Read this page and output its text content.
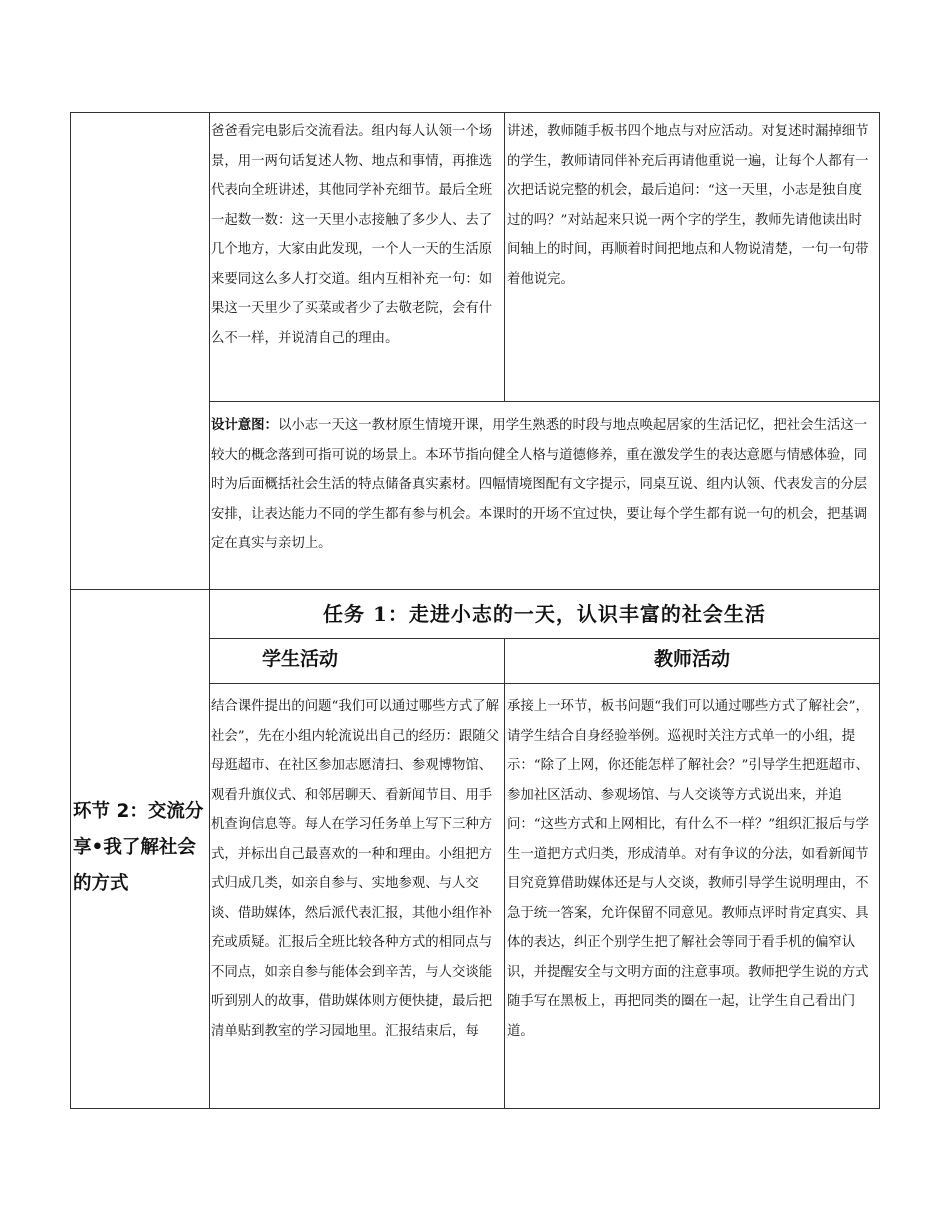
爸爸看完电影后交流看法。组内每人认领一个场景，用一两句话复述人物、地点和事情，再推选代表向全班讲述，其他同学补充细节。最后全班一起数一数：这一天里小志接触了多少人、去了几个地方，大家由此发现，一个人一天的生活原来要同这么多人打交道。组内互相补充一句：如果这一天里少了买菜或者少了去敬老院，会有什么不一样，并说清自己的理由。

讲述，教师随手板书四个地点与对应活动。对复述时漏掉细节的学生，教师请同伴补充后再请他重说一遍，让每个人都有一次把话说完整的机会，最后追问：“这一天里，小志是独自度过的吗？”对站起来只说一两个字的学生，教师先请他读出时间轴上的时间，再顺着时间把地点和人物说清楚，一句一句带着他说完。

设计意图：以小志一天这一教材原生情境开课，用学生熟悉的时段与地点唤起居家的生活记忆，把社会生活这一较大的概念落到可指可说的场景上。本环节指向健全人格与道德修养，重在激发学生的表达意愿与情感体验，同时为后面概括社会生活的特点储备真实素材。四幅情境图配有文字提示，同桌互说、组内认领、代表发言的分层安排，让表达能力不同的学生都有参与机会。本课时的开场不宜过快，要让每个学生都有说一句的机会，把基调定在真实与亲切上。

环节 2：交流分享•我了解社会的方式
任务 1：走进小志的一天，认识丰富的社会生活
学生活动	教师活动

结合课件提出的问题“我们可以通过哪些方式了解社会”，先在小组内轮流说出自己的经历：跟随父母逛超市、在社区参加志愿清扫、参观博物馆、观看升旗仪式、和邻居聊天、看新闻节目、用手机查询信息等。每人在学习任务单上写下三种方式，并标出自己最喜欢的一种和理由。小组把方式归成几类，如亲自参与、实地参观、与人交谈、借助媒体，然后派代表汇报，其他小组作补充或质疑。汇报后全班比较各种方式的相同点与不同点，如亲自参与能体会到辛苦，与人交谈能听到别人的故事，借助媒体则方便快捷，最后把清单贴到教室的学习园地里。汇报结束后，每

承接上一环节，板书问题“我们可以通过哪些方式了解社会”，请学生结合自身经验举例。巡视时关注方式单一的小组，提示：“除了上网，你还能怎样了解社会？”引导学生把逛超市、参加社区活动、参观场馆、与人交谈等方式说出来，并追问：“这些方式和上网相比，有什么不一样？”组织汇报后与学生一道把方式归类，形成清单。对有争议的分法，如看新闻节目究竟算借助媒体还是与人交谈，教师引导学生说明理由，不急于统一答案，允许保留不同意见。教师点评时肯定真实、具体的表达，纠正个别学生把了解社会等同于看手机的偏窄认识，并提醒安全与文明方面的注意事项。教师把学生说的方式随手写在黑板上，再把同类的圈在一起，让学生自己看出门道。
